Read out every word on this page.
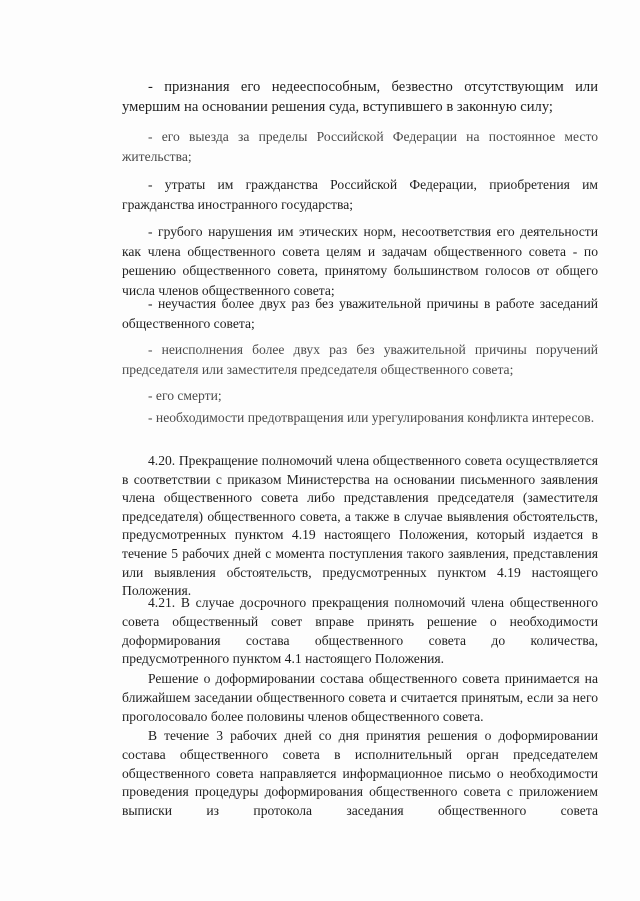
- признания его недееспособным, безвестно отсутствующим или умершим на основании решения суда, вступившего в законную силу;

- его выезда за пределы Российской Федерации на постоянное место жительства;

- утраты им гражданства Российской Федерации, приобретения им гражданства иностранного государства;

- грубого нарушения им этических норм, несоответствия его деятельности как члена общественного совета целям и задачам общественного совета - по решению общественного совета, принятому большинством голосов от общего числа членов общественного совета;

- неучастия более двух раз без уважительной причины в работе заседаний общественного совета;

- неисполнения более двух раз без уважительной причины поручений председателя или заместителя председателя общественного совета;

- его смерти;

- необходимости предотвращения или урегулирования конфликта интересов.

4.20. Прекращение полномочий члена общественного совета осуществляется в соответствии с приказом Министерства на основании письменного заявления члена общественного совета либо представления председателя (заместителя председателя) общественного совета, а также в случае выявления обстоятельств, предусмотренных пунктом 4.19 настоящего Положения, который издается в течение 5 рабочих дней с момента поступления такого заявления, представления или выявления обстоятельств, предусмотренных пунктом 4.19 настоящего Положения.

4.21. В случае досрочного прекращения полномочий члена общественного совета общественный совет вправе принять решение о необходимости доформирования состава общественного совета до количества, предусмотренного пунктом 4.1 настоящего Положения.

Решение о доформировании состава общественного совета принимается на ближайшем заседании общественного совета и считается принятым, если за него проголосовало более половины членов общественного совета.

В течение 3 рабочих дней со дня принятия решения о доформировании состава общественного совета в исполнительный орган председателем общественного совета направляется информационное письмо о необходимости проведения процедуры доформирования общественного совета с приложением выписки из протокола заседания общественного совета
